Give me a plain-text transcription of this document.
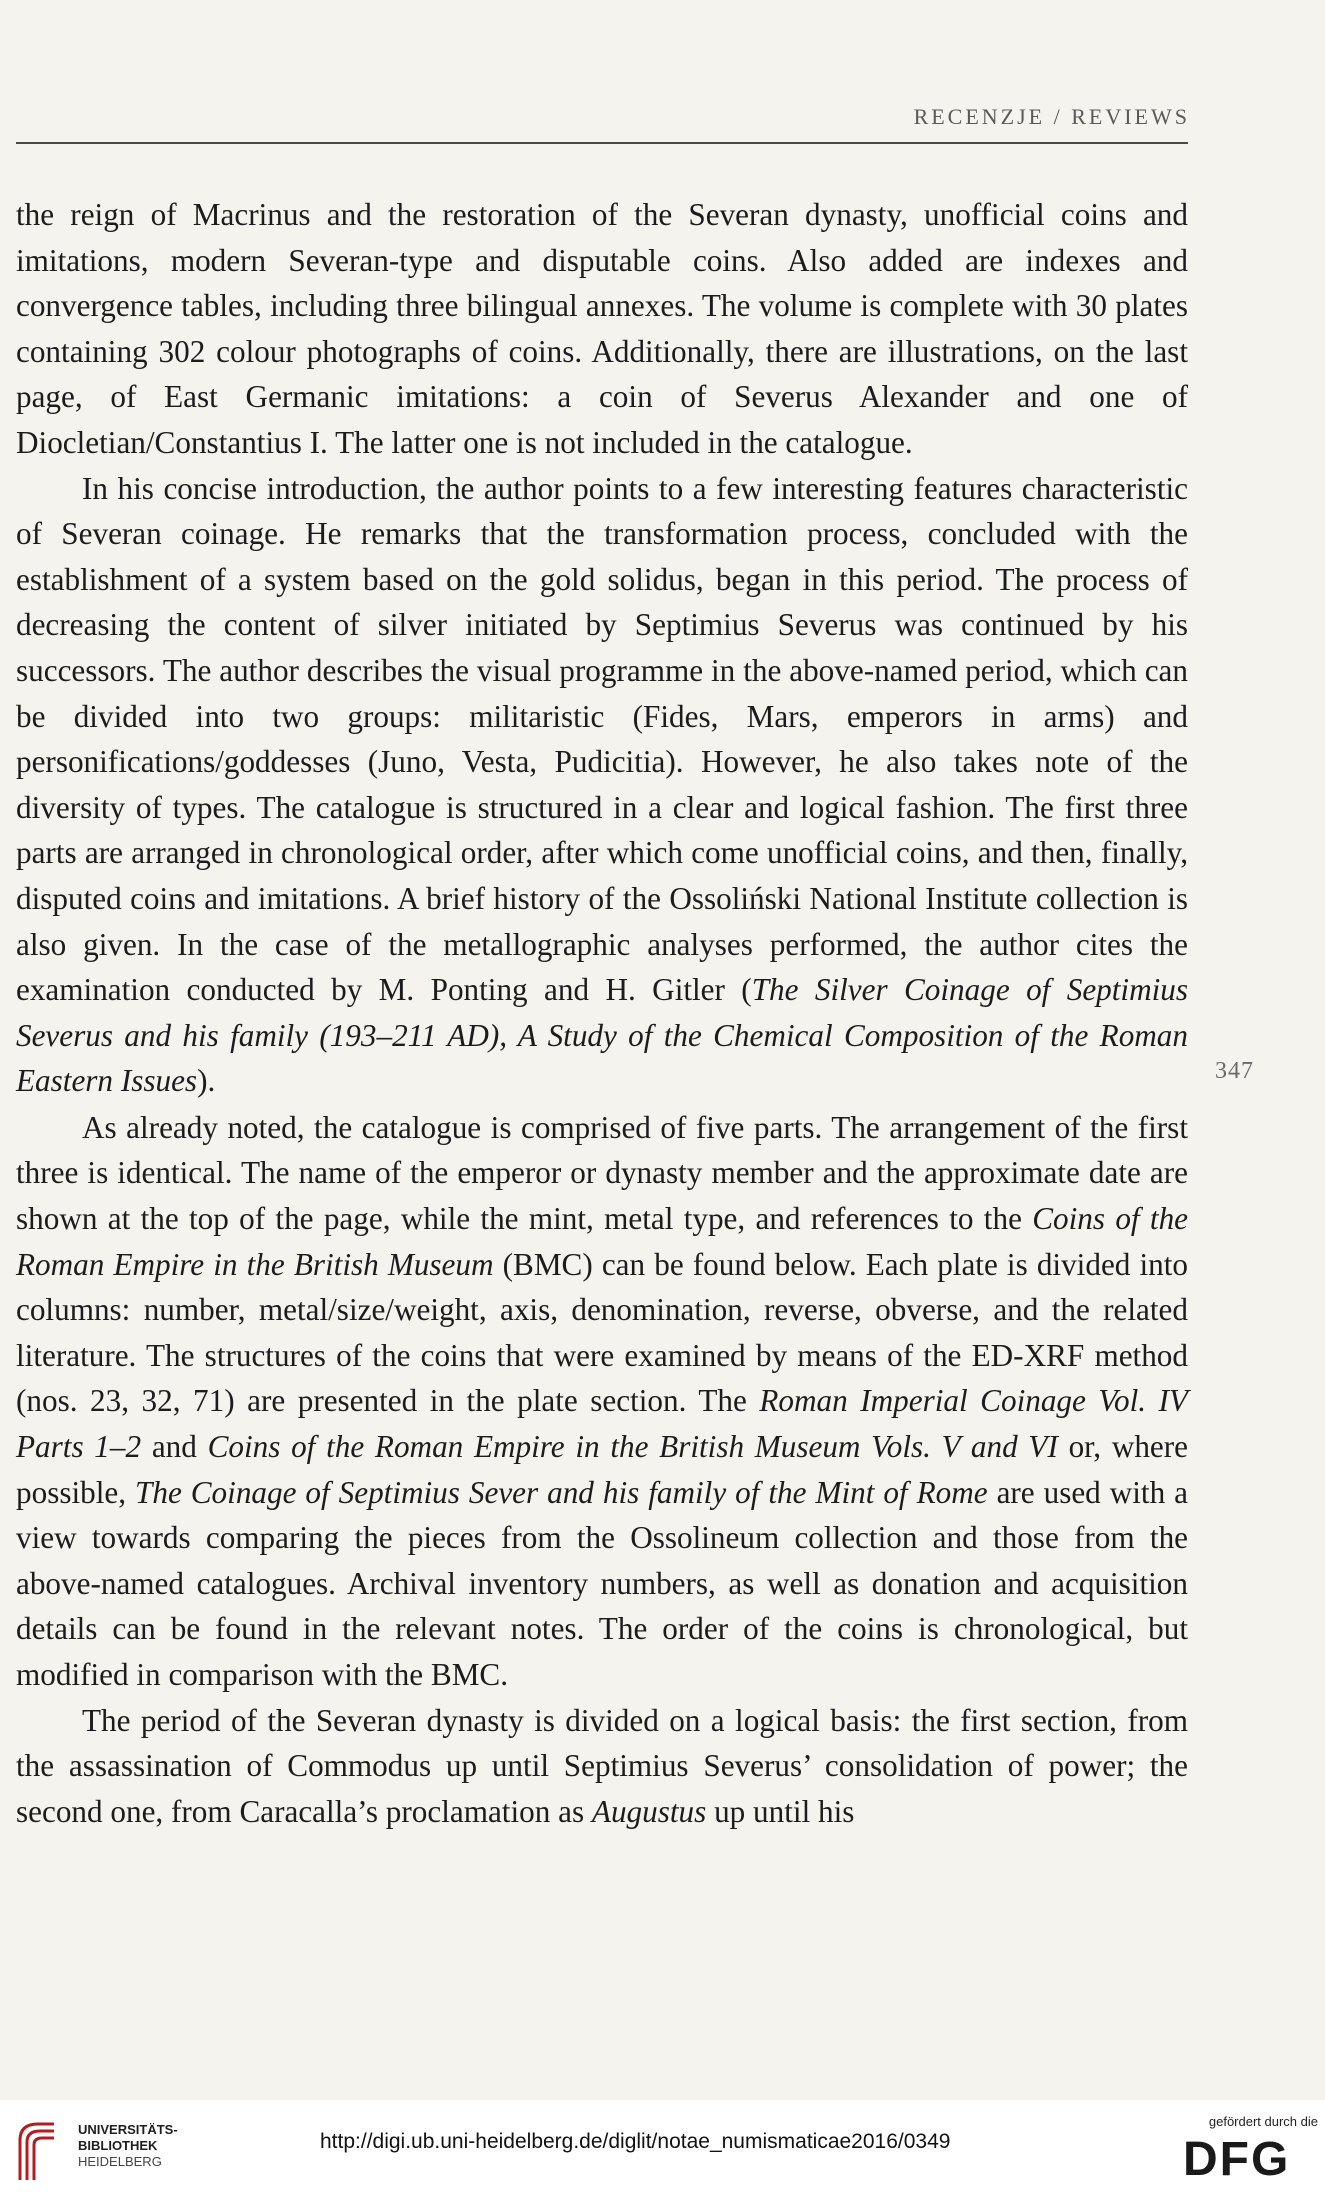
RECENZJE / REVIEWS

the reign of Macrinus and the restoration of the Severan dynasty, unofficial coins and imitations, modern Severan-type and disputable coins. Also added are indexes and convergence tables, including three bilingual annexes. The volume is complete with 30 plates containing 302 colour photographs of coins. Additionally, there are illustrations, on the last page, of East Germanic imitations: a coin of Severus Alexander and one of Diocletian/Constantius I. The latter one is not included in the catalogue.

In his concise introduction, the author points to a few interesting features characteristic of Severan coinage. He remarks that the transformation process, concluded with the establishment of a system based on the gold solidus, began in this period. The process of decreasing the content of silver initiated by Septimius Severus was continued by his successors. The author describes the visual programme in the above-named period, which can be divided into two groups: militaristic (Fides, Mars, emperors in arms) and personifications/goddesses (Juno, Vesta, Pudicitia). However, he also takes note of the diversity of types. The catalogue is structured in a clear and logical fashion. The first three parts are arranged in chronological order, after which come unofficial coins, and then, finally, disputed coins and imitations. A brief history of the Ossoliński National Institute collection is also given. In the case of the metallographic analyses performed, the author cites the examination conducted by M. Ponting and H. Gitler (The Silver Coinage of Septimius Severus and his family (193–211 AD), A Study of the Chemical Composition of the Roman Eastern Issues).

As already noted, the catalogue is comprised of five parts. The arrangement of the first three is identical. The name of the emperor or dynasty member and the approximate date are shown at the top of the page, while the mint, metal type, and references to the Coins of the Roman Empire in the British Museum (BMC) can be found below. Each plate is divided into columns: number, metal/size/weight, axis, denomination, reverse, obverse, and the related literature. The structures of the coins that were examined by means of the ED-XRF method (nos. 23, 32, 71) are presented in the plate section. The Roman Imperial Coinage Vol. IV Parts 1–2 and Coins of the Roman Empire in the British Museum Vols. V and VI or, where possible, The Coinage of Septimius Sever and his family of the Mint of Rome are used with a view towards comparing the pieces from the Ossolineum collection and those from the above-named catalogues. Archival inventory numbers, as well as donation and acquisition details can be found in the relevant notes. The order of the coins is chronological, but modified in comparison with the BMC.

The period of the Severan dynasty is divided on a logical basis: the first section, from the assassination of Commodus up until Septimius Severus’ consolidation of power; the second one, from Caracalla’s proclamation as Augustus up until his

347
UNIVERSITÄTS-
BIBLIOTHEK
HEIDELBERG
http://digi.ub.uni-heidelberg.de/diglit/notae_numismaticae2016/0349
gefördert durch die
DFG
